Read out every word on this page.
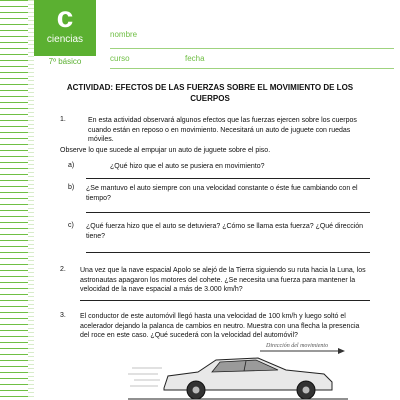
c
ciencias
7º básico
nombre
curso	fecha
ACTIVIDAD: EFECTOS DE LAS FUERZAS SOBRE EL MOVIMIENTO DE LOS CUERPOS
1.	En esta actividad observará algunos efectos que las fuerzas ejercen sobre los cuerpos cuando están en reposo o en movimiento. Necesitará un auto de juguete con ruedas móviles.
Observe lo que sucede al empujar un auto de juguete sobre el piso.
a)	¿Qué hizo que el auto se pusiera en movimiento?
b) ¿Se mantuvo el auto siempre con una velocidad constante o éste fue cambiando con el tiempo?
c) ¿Qué fuerza hizo que el auto se detuviera? ¿Cómo se llama esta fuerza? ¿Qué dirección tiene?
2. Una vez que la nave espacial Apolo se alejó de la Tierra siguiendo su ruta hacia la Luna, los astronautas apagaron los motores del cohete. ¿Se necesita una fuerza para mantener la velocidad de la nave espacial a más de 3.000 km/h?
3. El conductor de este automóvil llegó hasta una velocidad de 100 km/h y luego soltó el acelerador dejando la palanca de cambios en neutro. Muestra con una flecha la presencia del roce en este caso. ¿Qué sucederá con la velocidad del automóvil?
Dirección del movimiento
